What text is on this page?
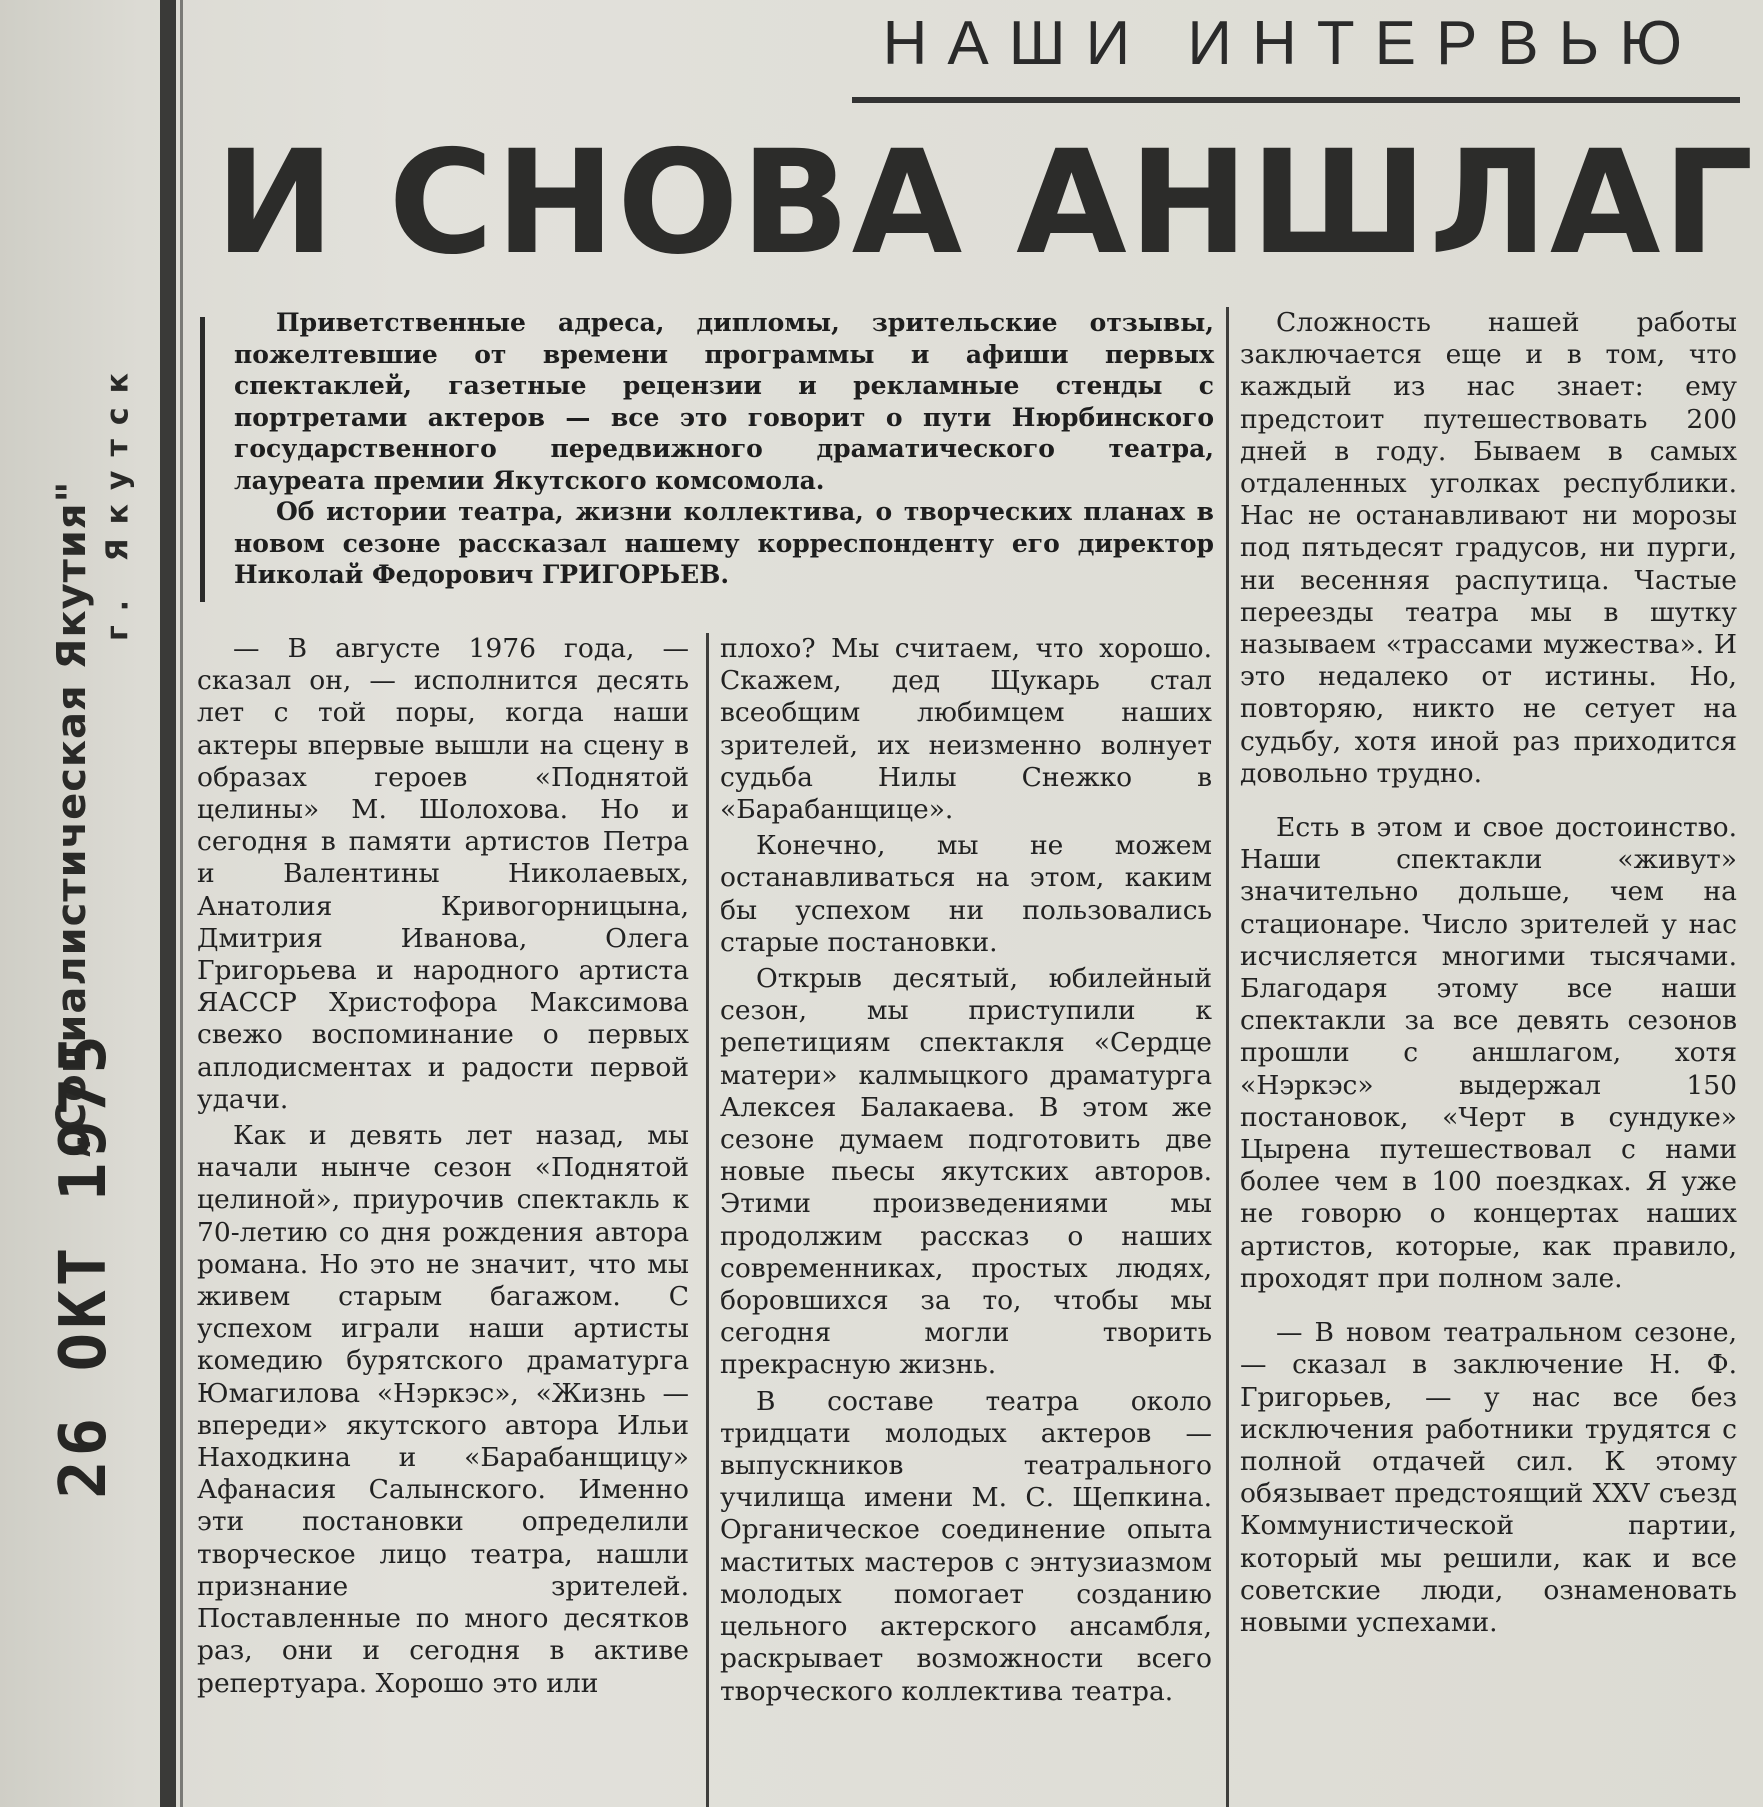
„Социалистическая Якутия" г. Якутск
26 ОКТ 1975
НАШИ ИНТЕРВЬЮ
И СНОВА АНШЛАГ

Приветственные адреса, дипломы, зрительские отзывы, пожелтевшие от времени программы и афиши первых спектаклей, газетные рецензии и рекламные стенды с портретами актеров — все это говорит о пути Нюрбинского государственного передвижного драматического театра, лауреата премии Якутского комсомола.

Об истории театра, жизни коллектива, о творческих планах в новом сезоне рассказал нашему корреспонденту его директор Николай Федорович ГРИГОРЬЕВ.

— В августе 1976 года, — сказал он, — исполнится десять лет с той поры, когда наши актеры впервые вышли на сцену в образах героев «Поднятой целины» М. Шолохова. Но и сегодня в памяти артистов Петра и Валентины Николаевых, Анатолия Кривогорницына, Дмитрия Иванова, Олега Григорьева и народного артиста ЯАССР Христофора Максимова свежо воспоминание о первых аплодисментах и радости первой удачи.

Как и девять лет назад, мы начали нынче сезон «Поднятой целиной», приурочив спектакль к 70-летию со дня рождения автора романа. Но это не значит, что мы живем старым багажом. С успехом играли наши артисты комедию бурятского драматурга Юмагилова «Нэркэс», «Жизнь — впереди» якутского автора Ильи Находкина и «Барабанщицу» Афанасия Салынского. Именно эти постановки определили творческое лицо театра, нашли признание зрителей. Поставленные по много десятков раз, они и сегодня в активе репертуара. Хорошо это или

плохо? Мы считаем, что хорошо. Скажем, дед Щукарь стал всеобщим любимцем наших зрителей, их неизменно волнует судьба Нилы Снежко в «Барабанщице».

Конечно, мы не можем останавливаться на этом, каким бы успехом ни пользовались старые постановки.

Открыв десятый, юбилейный сезон, мы приступили к репетициям спектакля «Сердце матери» калмыцкого драматурга Алексея Балакаева. В этом же сезоне думаем подготовить две новые пьесы якутских авторов. Этими произведениями мы продолжим рассказ о наших современниках, простых людях, боровшихся за то, чтобы мы сегодня могли творить прекрасную жизнь.

В составе театра около тридцати молодых актеров — выпускников театрального училища имени М. С. Щепкина. Органическое соединение опыта маститых мастеров с энтузиазмом молодых помогает созданию цельного актерского ансамбля, раскрывает возможности всего творческого коллектива театра.

Сложность нашей работы заключается еще и в том, что каждый из нас знает: ему предстоит путешествовать 200 дней в году. Бываем в самых отдаленных уголках республики. Нас не останавливают ни морозы под пятьдесят градусов, ни пурги, ни весенняя распутица. Частые переезды театра мы в шутку называем «трассами мужества». И это недалеко от истины. Но, повторяю, никто не сетует на судьбу, хотя иной раз приходится довольно трудно.

Есть в этом и свое достоинство. Наши спектакли «живут» значительно дольше, чем на стационаре. Число зрителей у нас исчисляется многими тысячами. Благодаря этому все наши спектакли за все девять сезонов прошли с аншлагом, хотя «Нэркэс» выдержал 150 постановок, «Черт в сундуке» Цырена путешествовал с нами более чем в 100 поездках. Я уже не говорю о концертах наших артистов, которые, как правило, проходят при полном зале.

— В новом театральном сезоне, — сказал в заключение Н. Ф. Григорьев, — у нас все без исключения работники трудятся с полной отдачей сил. К этому обязывает предстоящий XXV съезд Коммунистической партии, который мы решили, как и все советские люди, ознаменовать новыми успехами.
